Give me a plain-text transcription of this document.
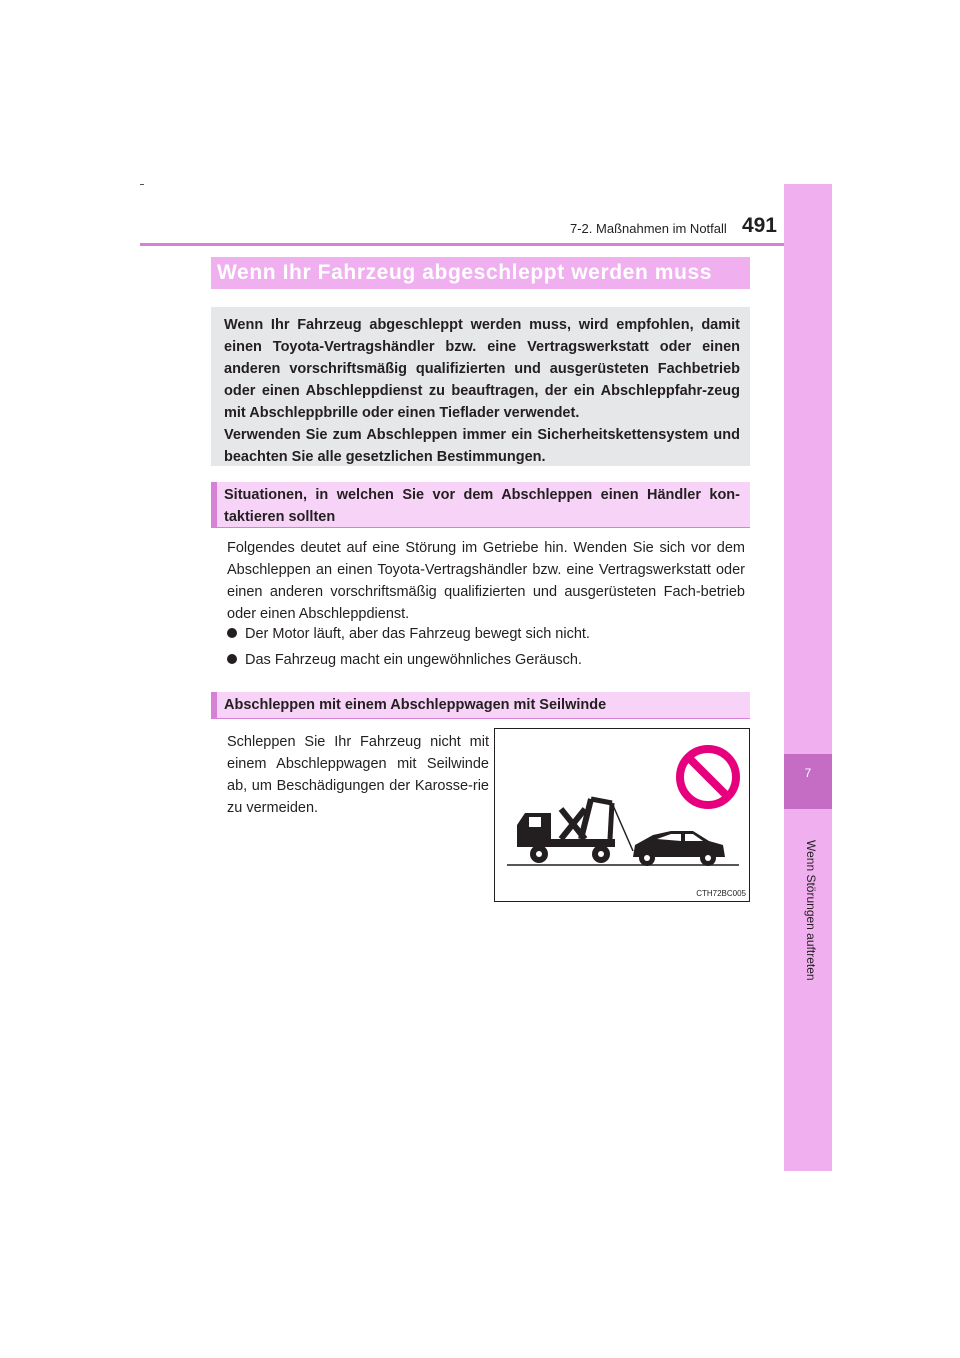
7-2. Maßnahmen im Notfall 491
7
Wenn Störungen auftreten
Wenn Ihr Fahrzeug abgeschleppt werden muss

Wenn Ihr Fahrzeug abgeschleppt werden muss, wird empfohlen, damit einen Toyota-Vertragshändler bzw. eine Vertragswerkstatt oder einen anderen vorschriftsmäßig qualifizierten und ausgerüsteten Fachbetrieb oder einen Abschleppdienst zu beauftragen, der ein Abschleppfahr-zeug mit Abschleppbrille oder einen Tieflader verwendet.

Verwenden Sie zum Abschleppen immer ein Sicherheitskettensystem und beachten Sie alle gesetzlichen Bestimmungen.

Situationen, in welchen Sie vor dem Abschleppen einen Händler kon-taktieren sollten
Folgendes deutet auf eine Störung im Getriebe hin. Wenden Sie sich vor dem Abschleppen an einen Toyota-Vertragshändler bzw. eine Vertragswerkstatt oder einen anderen vorschriftsmäßig qualifizierten und ausgerüsteten Fach-betrieb oder einen Abschleppdienst.
Der Motor läuft, aber das Fahrzeug bewegt sich nicht.
Das Fahrzeug macht ein ungewöhnliches Geräusch.
Abschleppen mit einem Abschleppwagen mit Seilwinde
Schleppen Sie Ihr Fahrzeug nicht mit einem Abschleppwagen mit Seilwinde ab, um Beschädigungen der Karosse-rie zu vermeiden.
CTH72BC005
